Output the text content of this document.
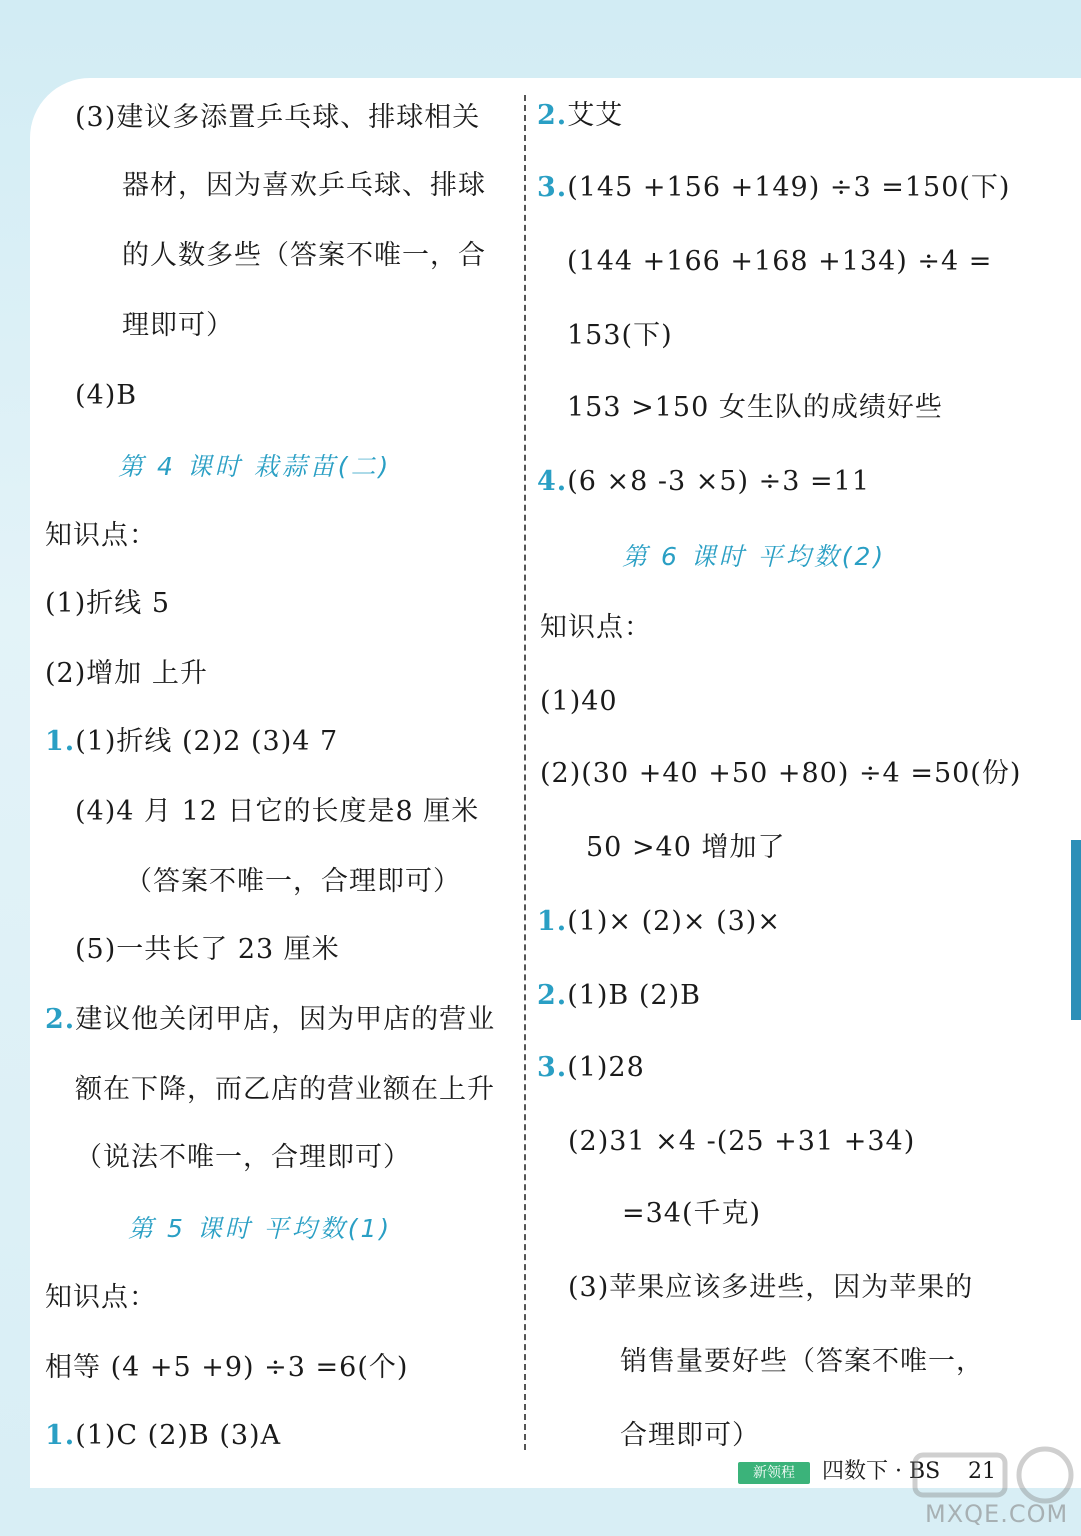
(3)建议多添置乒乓球、排球相关
器材，因为喜欢乒乓球、排球
的人数多些（答案不唯一，合
理即可）
(4)B
第 4 课时 栽蒜苗(二)
知识点：
(1)折线 5
(2)增加 上升
1.(1)折线 (2)2 (3)4 7
(4)4 月 12 日它的长度是8 厘米
（答案不唯一，合理即可）
(5)一共长了 23 厘米
2.建议他关闭甲店，因为甲店的营业
额在下降，而乙店的营业额在上升
（说法不唯一，合理即可）
第 5 课时 平均数(1)
知识点：
相等 (4 +5 +9) ÷3 =6(个)
1.(1)C (2)B (3)A
2.艾艾
3.(145 +156 +149) ÷3 =150(下)
(144 +166 +168 +134) ÷4 =
153(下)
153 >150 女生队的成绩好些
4.(6 ×8 -3 ×5) ÷3 =11
第 6 课时 平均数(2)
知识点：
(1)40
(2)(30 +40 +50 +80) ÷4 =50(份)
50 >40 增加了
1.(1)× (2)× (3)×
2.(1)B (2)B
3.(1)28
(2)31 ×4 -(25 +31 +34)
=34(千克)
(3)苹果应该多进些，因为苹果的
销售量要好些（答案不唯一，
合理即可）
新领程	四数下 · BS 21
MXQE.COM
